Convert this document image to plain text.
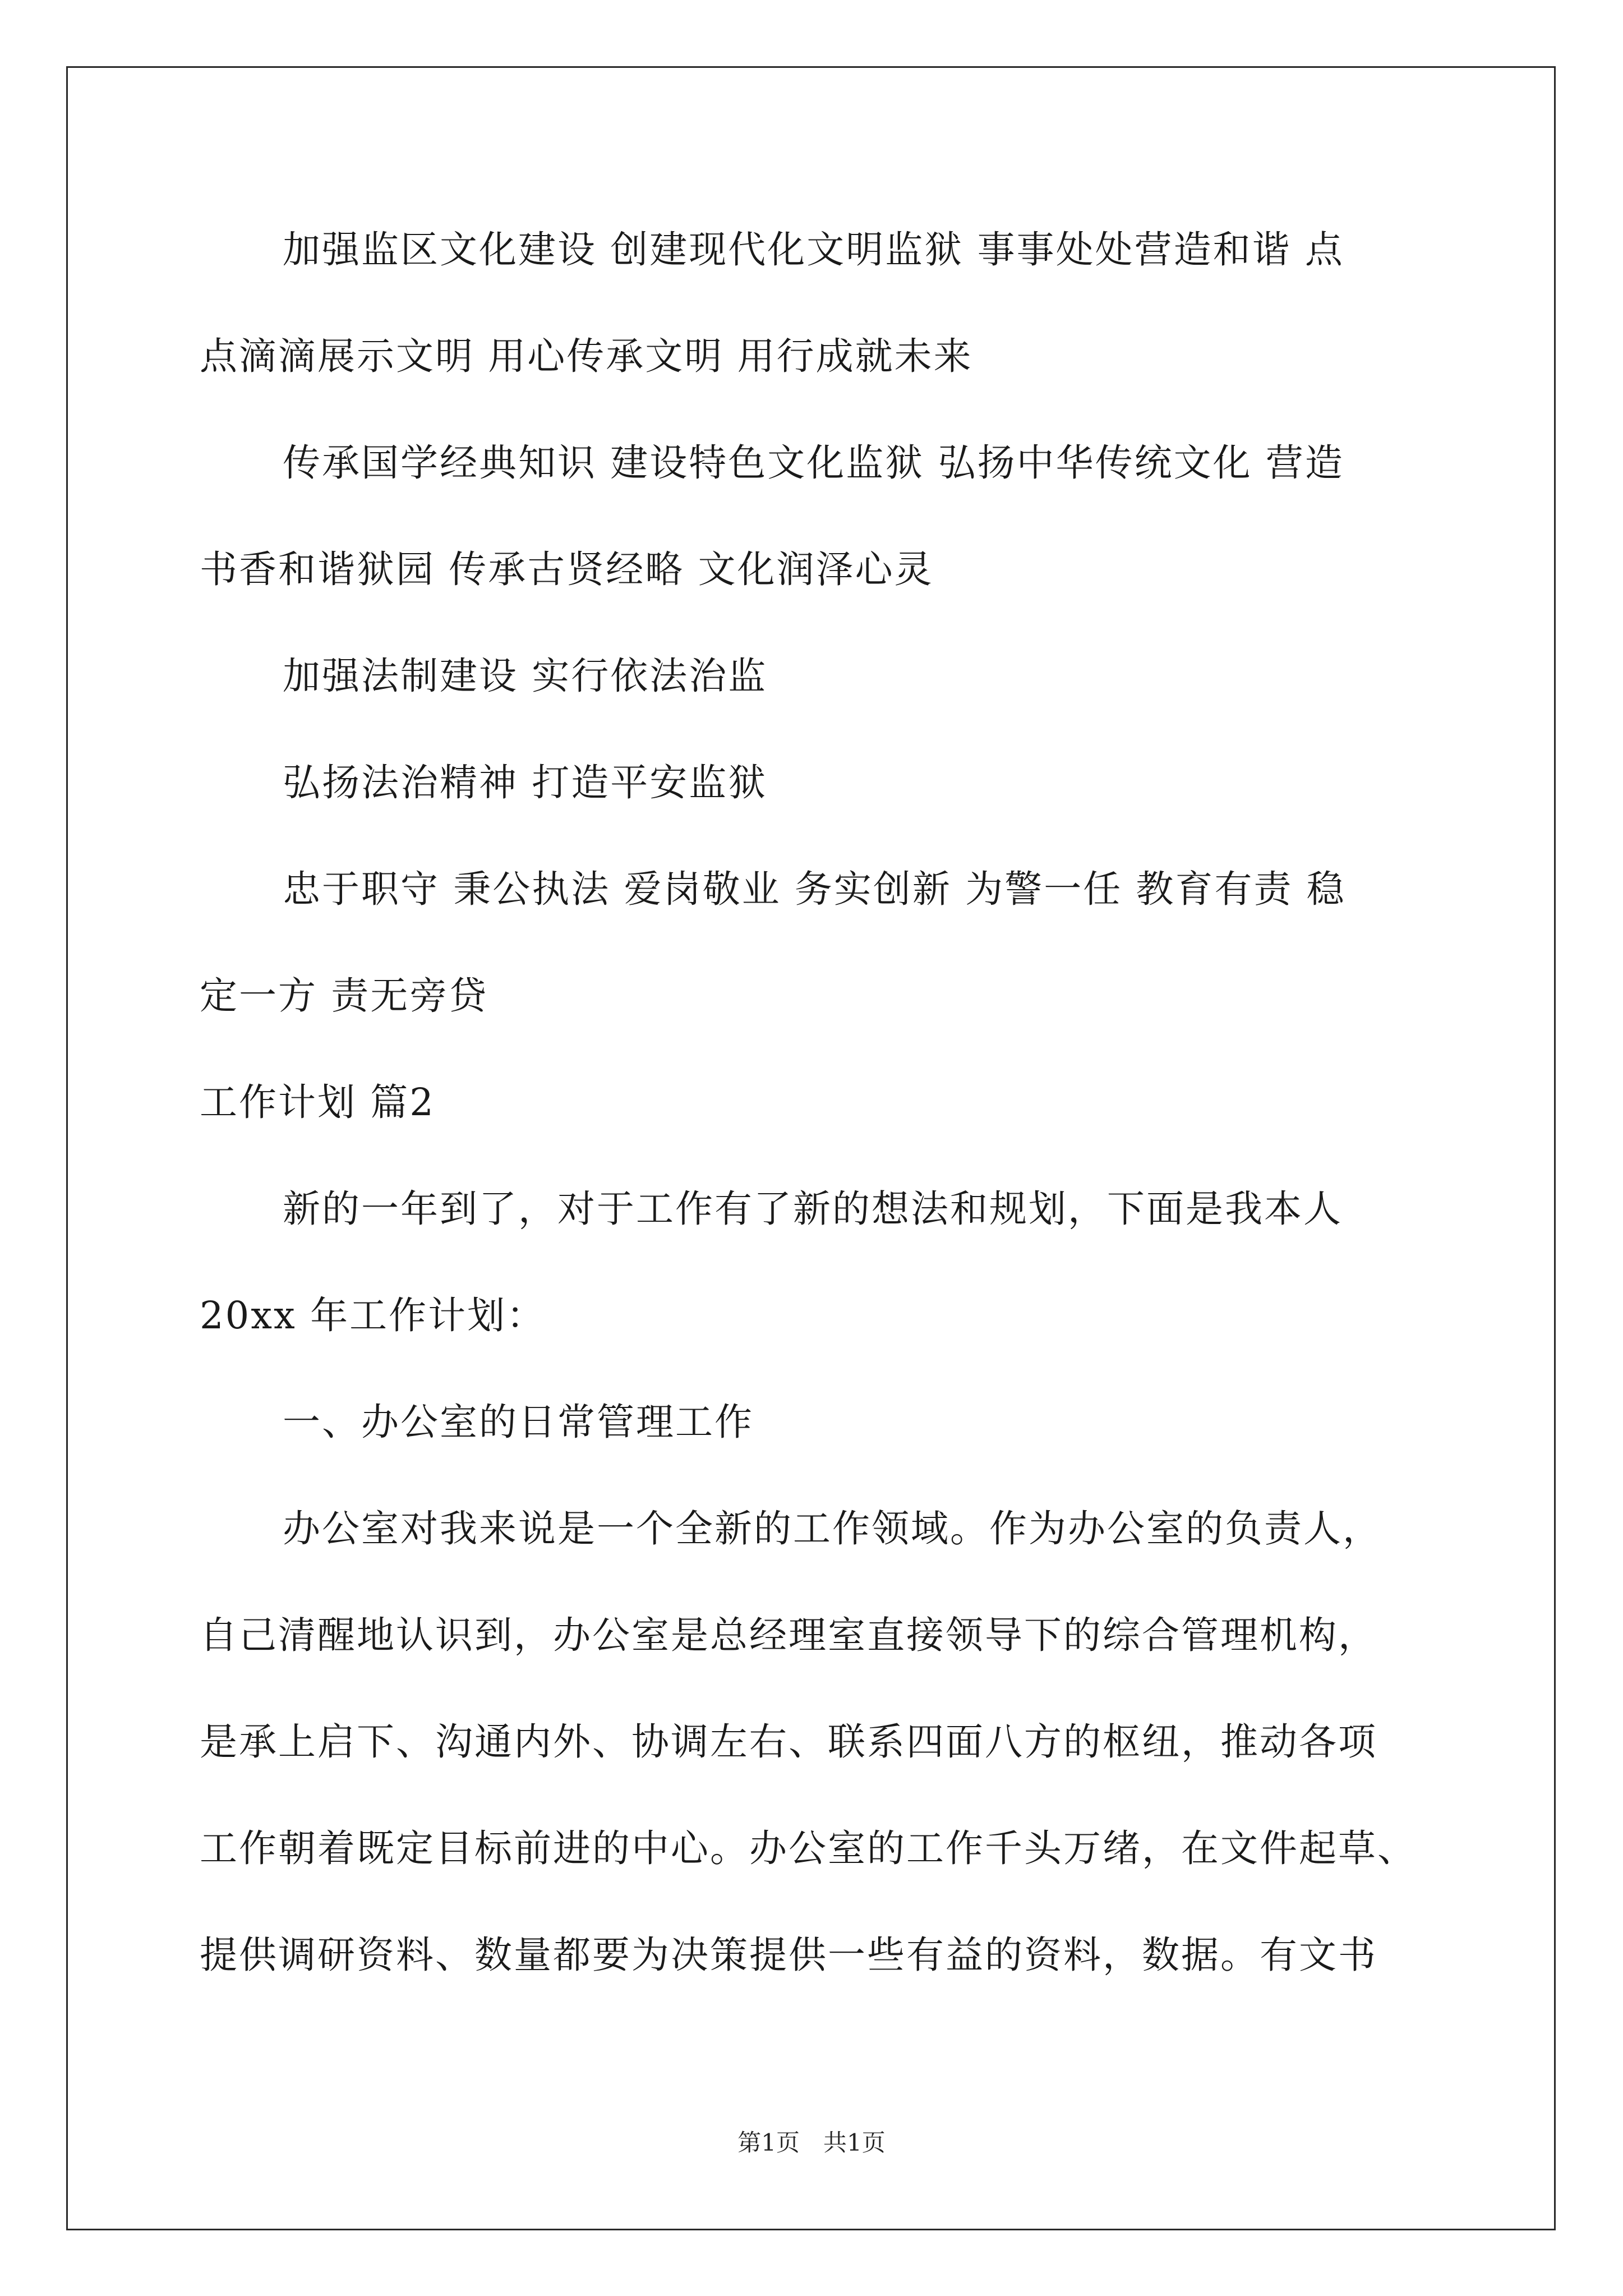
加强监区文化建设 创建现代化文明监狱 事事处处营造和谐 点
点滴滴展示文明 用心传承文明 用行成就未来
传承国学经典知识 建设特色文化监狱 弘扬中华传统文化 营造
书香和谐狱园 传承古贤经略 文化润泽心灵
加强法制建设 实行依法治监
弘扬法治精神 打造平安监狱
忠于职守 秉公执法 爱岗敬业 务实创新 为警一任 教育有责 稳
定一方 责无旁贷
工作计划 篇2
新的一年到了，对于工作有了新的想法和规划，下面是我本人
20xx 年工作计划：
一、办公室的日常管理工作
办公室对我来说是一个全新的工作领域。作为办公室的负责人，
自己清醒地认识到，办公室是总经理室直接领导下的综合管理机构，
是承上启下、沟通内外、协调左右、联系四面八方的枢纽，推动各项
工作朝着既定目标前进的中心。办公室的工作千头万绪，在文件起草、
提供调研资料、数量都要为决策提供一些有益的资料，数据。有文书
第1页　共1页
